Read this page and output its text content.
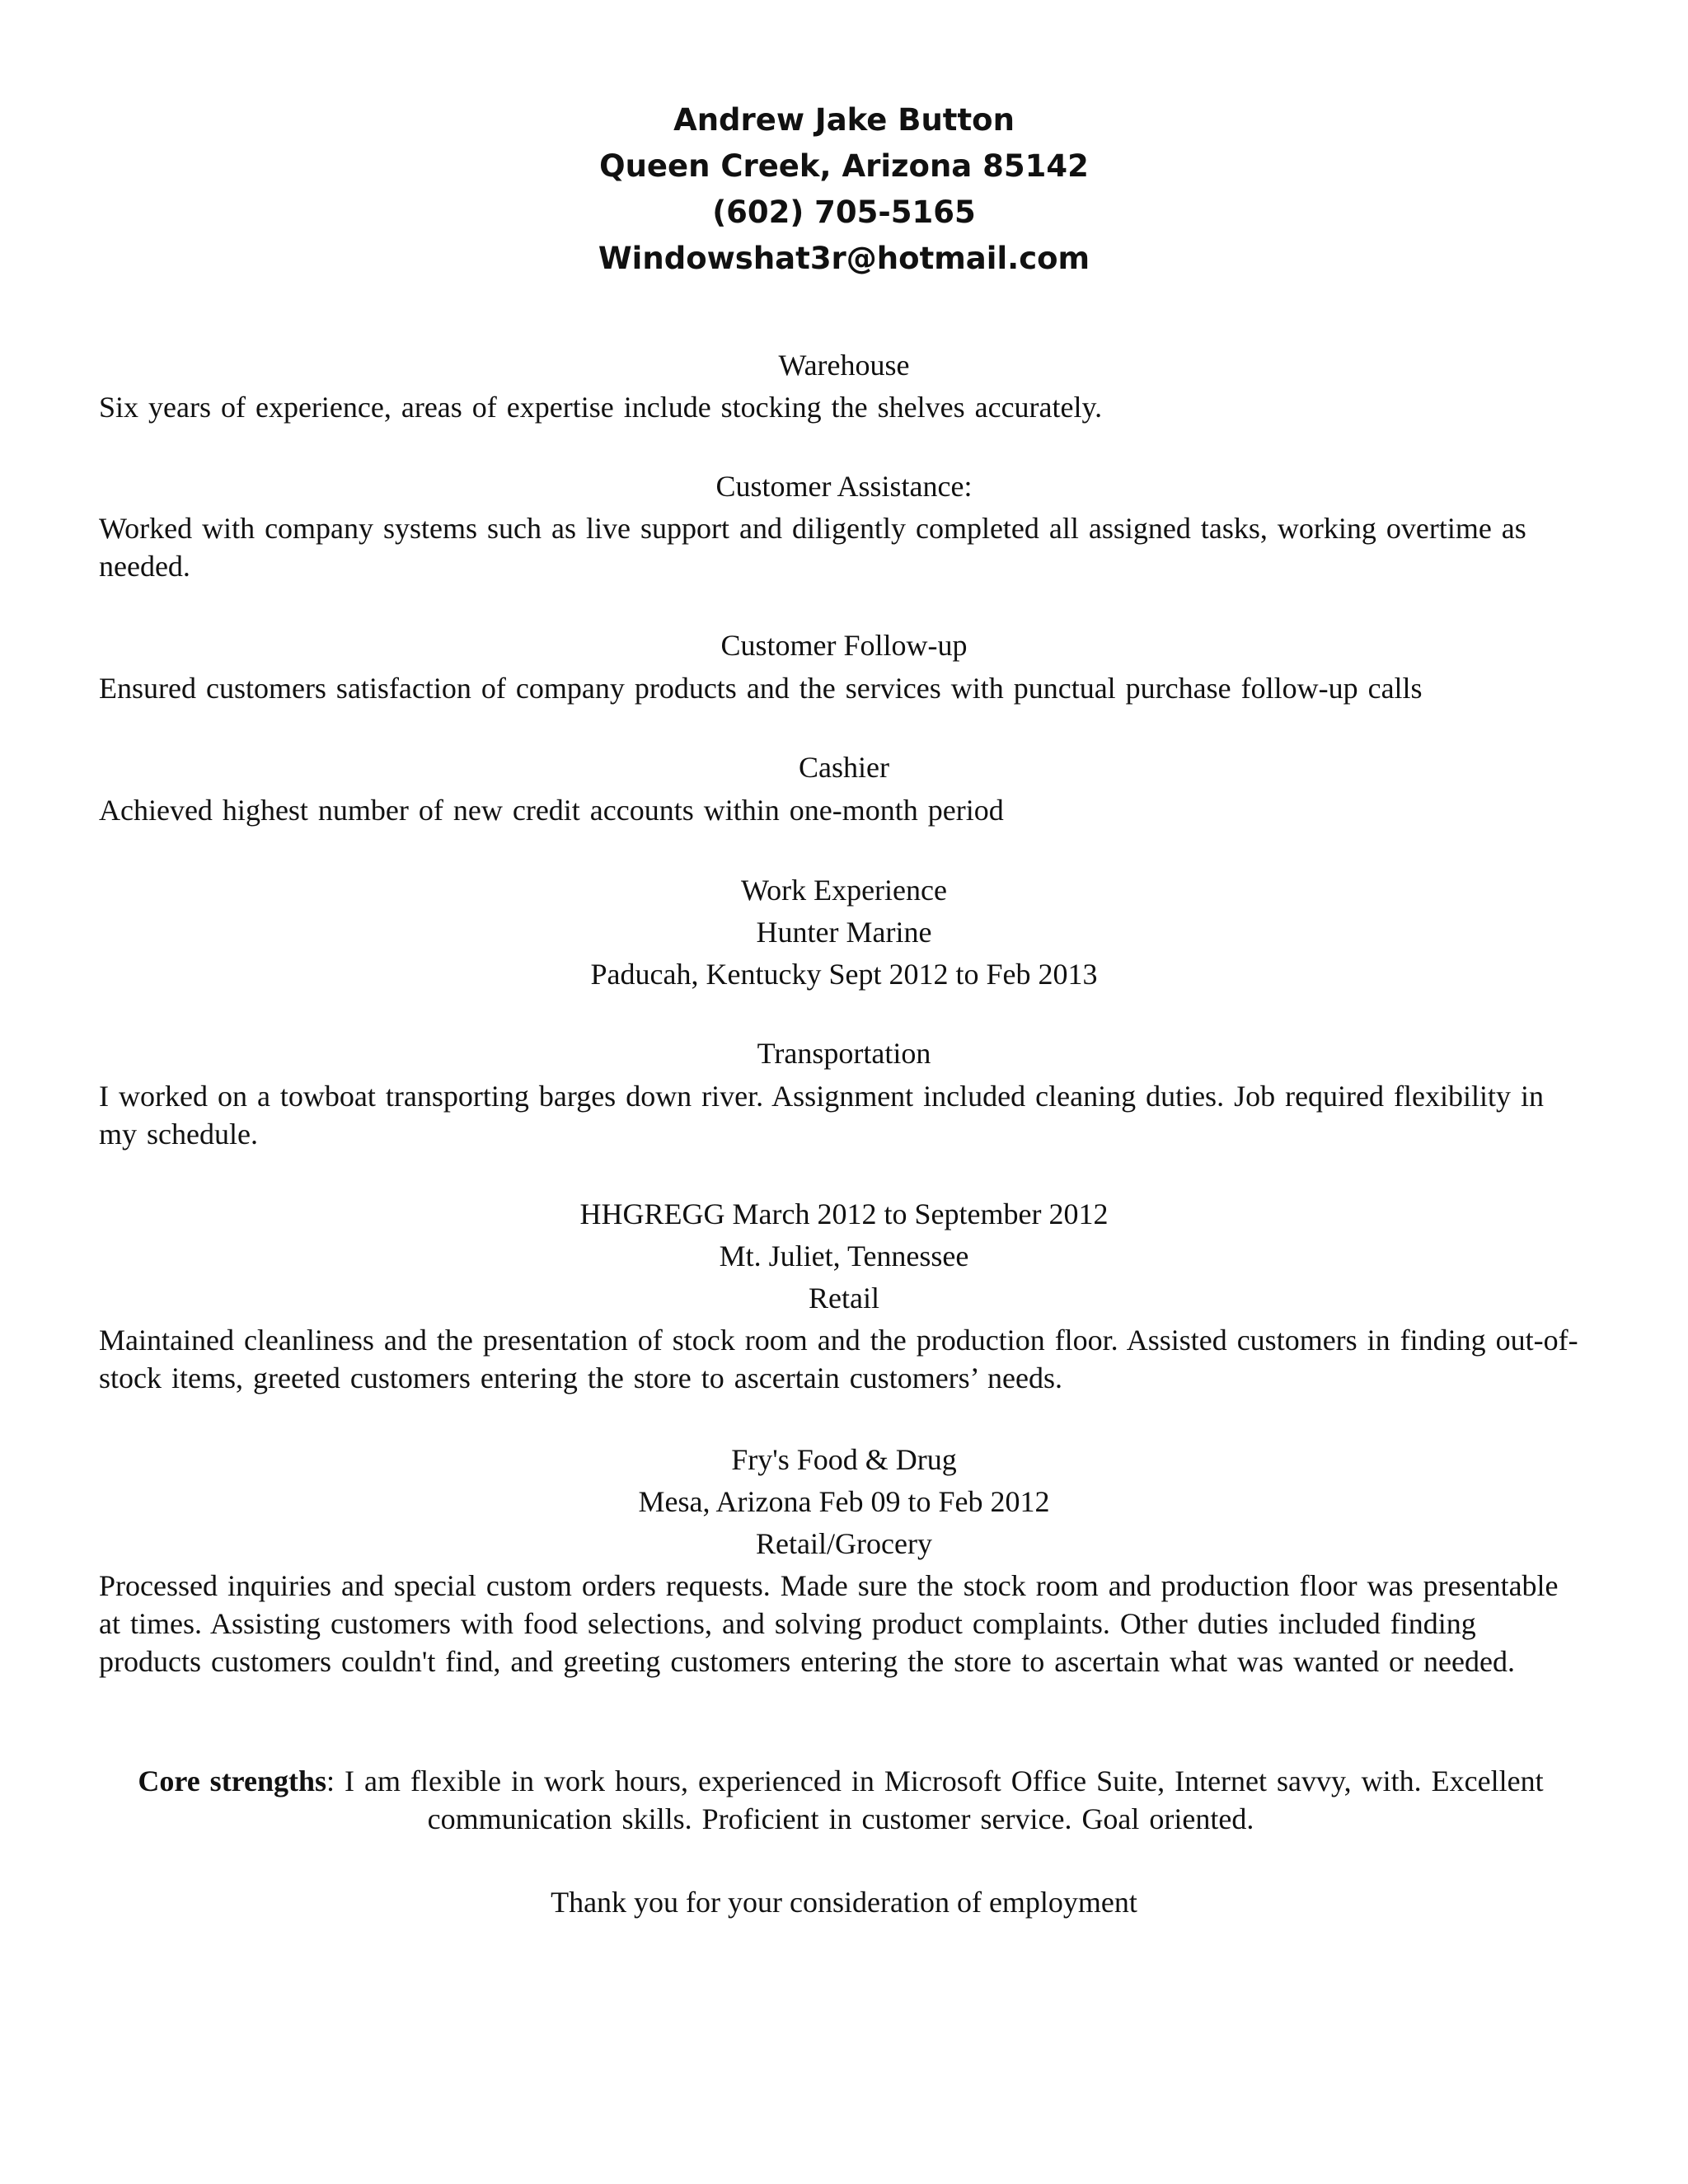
Andrew Jake Button
Queen Creek, Arizona 85142
(602) 705-5165
Windowshat3r@hotmail.com
Warehouse
Six years of experience, areas of expertise include stocking the shelves accurately.
Customer Assistance:
Worked with company systems such as live support and diligently completed all assigned tasks, working overtime as needed.
Customer Follow-up
Ensured customers satisfaction of company products and the services with punctual purchase follow-up calls
Cashier
Achieved highest number of new credit accounts within one-month period
Work Experience
Hunter Marine
Paducah, Kentucky Sept 2012 to Feb 2013
Transportation
I worked on a towboat transporting barges down river. Assignment included cleaning duties. Job required flexibility in my schedule.
HHGREGG March 2012 to September 2012
Mt. Juliet, Tennessee
Retail
Maintained cleanliness and the presentation of stock room and the production floor. Assisted customers in finding out-of-stock items, greeted customers entering the store to ascertain customers’ needs.
Fry's Food & Drug
Mesa, Arizona Feb 09 to Feb 2012
Retail/Grocery
Processed inquiries and special custom orders requests. Made sure the stock room and production floor was presentable at times. Assisting customers with food selections, and solving product complaints. Other duties included finding products customers couldn't find, and greeting customers entering the store to ascertain what was wanted or needed.
Core strengths: I am flexible in work hours, experienced in Microsoft Office Suite, Internet savvy, with. Excellent communication skills. Proficient in customer service. Goal oriented.
Thank you for your consideration of employment
